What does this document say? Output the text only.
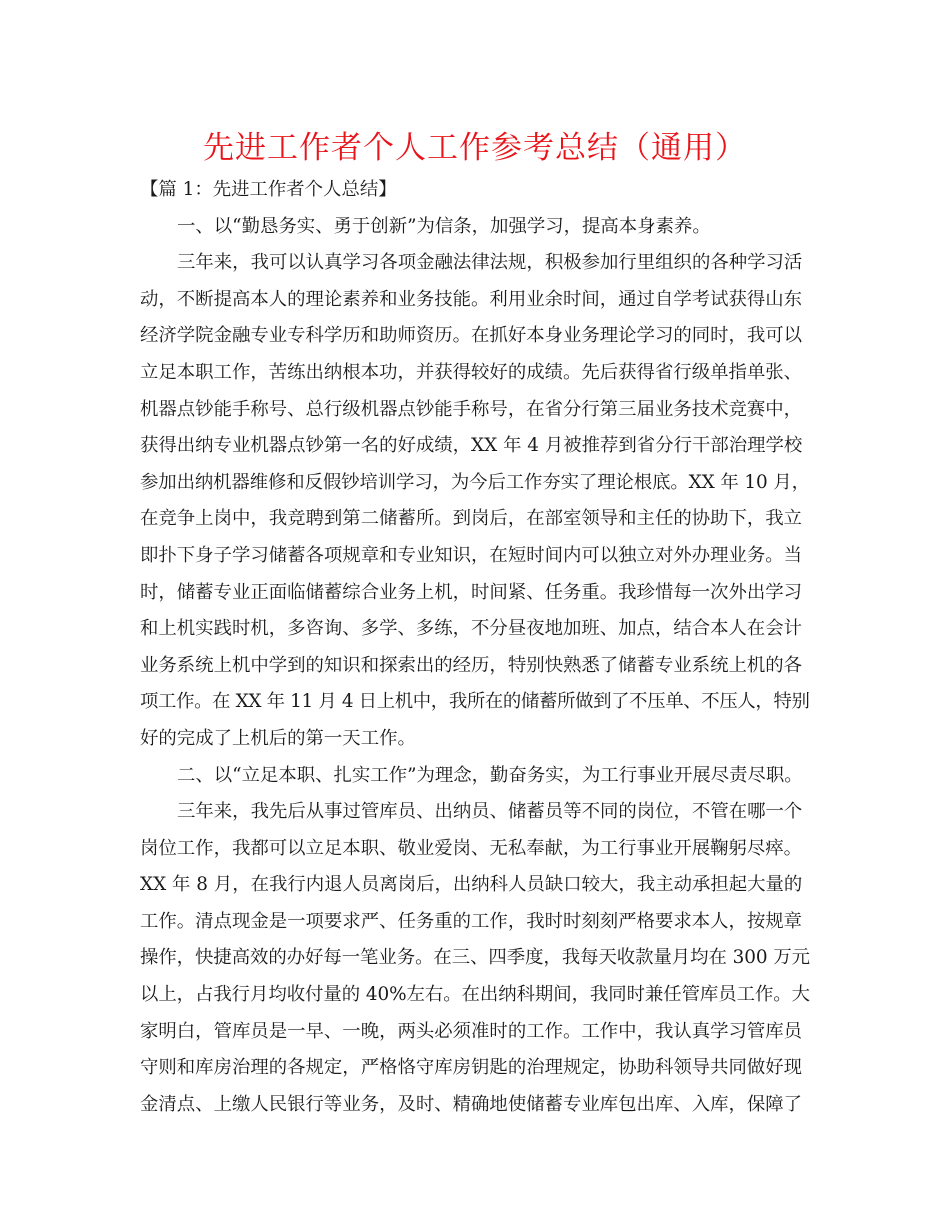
先进工作者个人工作参考总结（通用）
【篇 1：先进工作者个人总结】
一、以“勤恳务实、勇于创新”为信条，加强学习，提高本身素养。
三年来，我可以认真学习各项金融法律法规，积极参加行里组织的各种学习活
动，不断提高本人的理论素养和业务技能。利用业余时间，通过自学考试获得山东
经济学院金融专业专科学历和助师资历。在抓好本身业务理论学习的同时，我可以
立足本职工作，苦练出纳根本功，并获得较好的成绩。先后获得省行级单指单张、
机器点钞能手称号、总行级机器点钞能手称号，在省分行第三届业务技术竞赛中，
获得出纳专业机器点钞第一名的好成绩，XX 年 4 月被推荐到省分行干部治理学校
参加出纳机器维修和反假钞培训学习，为今后工作夯实了理论根底。XX 年 10 月，
在竞争上岗中，我竞聘到第二储蓄所。到岗后，在部室领导和主任的协助下，我立
即扑下身子学习储蓄各项规章和专业知识，在短时间内可以独立对外办理业务。当
时，储蓄专业正面临储蓄综合业务上机，时间紧、任务重。我珍惜每一次外出学习
和上机实践时机，多咨询、多学、多练，不分昼夜地加班、加点，结合本人在会计
业务系统上机中学到的知识和探索出的经历，特别快熟悉了储蓄专业系统上机的各
项工作。在 XX 年 11 月 4 日上机中，我所在的储蓄所做到了不压单、不压人，特别
好的完成了上机后的第一天工作。
二、以“立足本职、扎实工作”为理念，勤奋务实，为工行事业开展尽责尽职。
三年来，我先后从事过管库员、出纳员、储蓄员等不同的岗位，不管在哪一个
岗位工作，我都可以立足本职、敬业爱岗、无私奉献，为工行事业开展鞠躬尽瘁。
XX 年 8 月，在我行内退人员离岗后，出纳科人员缺口较大，我主动承担起大量的
工作。清点现金是一项要求严、任务重的工作，我时时刻刻严格要求本人，按规章
操作，快捷高效的办好每一笔业务。在三、四季度，我每天收款量月均在 300 万元
以上，占我行月均收付量的 40%左右。在出纳科期间，我同时兼任管库员工作。大
家明白，管库员是一早、一晚，两头必须准时的工作。工作中，我认真学习管库员
守则和库房治理的各规定，严格恪守库房钥匙的治理规定，协助科领导共同做好现
金清点、上缴人民银行等业务，及时、精确地使储蓄专业库包出库、入库，保障了
